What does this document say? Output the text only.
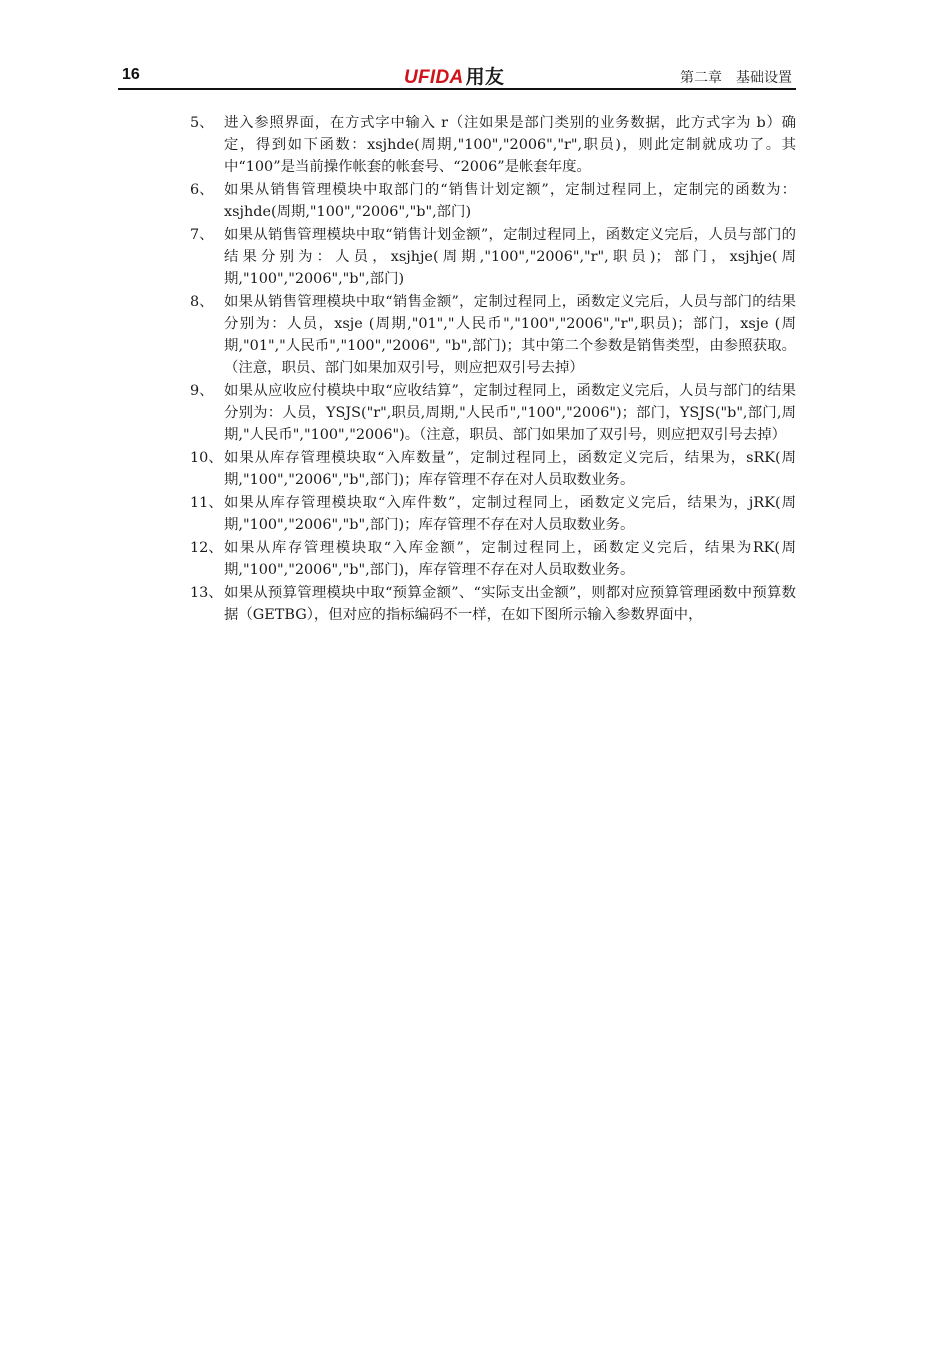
16	UFIDA 用友	第二章　基础设置
5、 进入参照界面，在方式字中输入 r（注如果是部门类别的业务数据，此方式字为 b）确定，得到如下函数：xsjhde(周期,"100","2006","r",职员)，则此定制就成功了。其中“100”是当前操作帐套的帐套号、“2006”是帐套年度。
6、 如果从销售管理模块中取部门的“销售计划定额”，定制过程同上，定制完的函数为：xsjhde(周期,"100","2006","b",部门)
7、 如果从销售管理模块中取“销售计划金额”，定制过程同上，函数定义完后，人员与部门的结果分别为：人员，xsjhje(周期,"100","2006","r",职员)；部门，xsjhje(周期,"100","2006","b",部门)
8、 如果从销售管理模块中取“销售金额”，定制过程同上，函数定义完后，人员与部门的结果分别为：人员，xsje (周期,"01","人民币","100","2006","r",职员)；部门，xsje (周期,"01","人民币","100","2006", "b",部门)；其中第二个参数是销售类型，由参照获取。（注意，职员、部门如果加双引号，则应把双引号去掉）
9、 如果从应收应付模块中取“应收结算”，定制过程同上，函数定义完后，人员与部门的结果分别为：人员，YSJS("r",职员,周期,"人民币","100","2006")；部门，YSJS("b",部门,周期,"人民币","100","2006")。（注意，职员、部门如果加了双引号，则应把双引号去掉）
10、 如果从库存管理模块取“入库数量”，定制过程同上，函数定义完后，结果为，sRK(周期,"100","2006","b",部门)；库存管理不存在对人员取数业务。
11、 如果从库存管理模块取“入库件数”，定制过程同上，函数定义完后，结果为，jRK(周期,"100","2006","b",部门)；库存管理不存在对人员取数业务。
12、 如果从库存管理模块取“入库金额”，定制过程同上，函数定义完后，结果为RK(周期,"100","2006","b",部门)，库存管理不存在对人员取数业务。
13、 如果从预算管理模块中取“预算金额”、“实际支出金额”，则都对应预算管理函数中预算数据（GETBG），但对应的指标编码不一样，在如下图所示输入参数界面中，
